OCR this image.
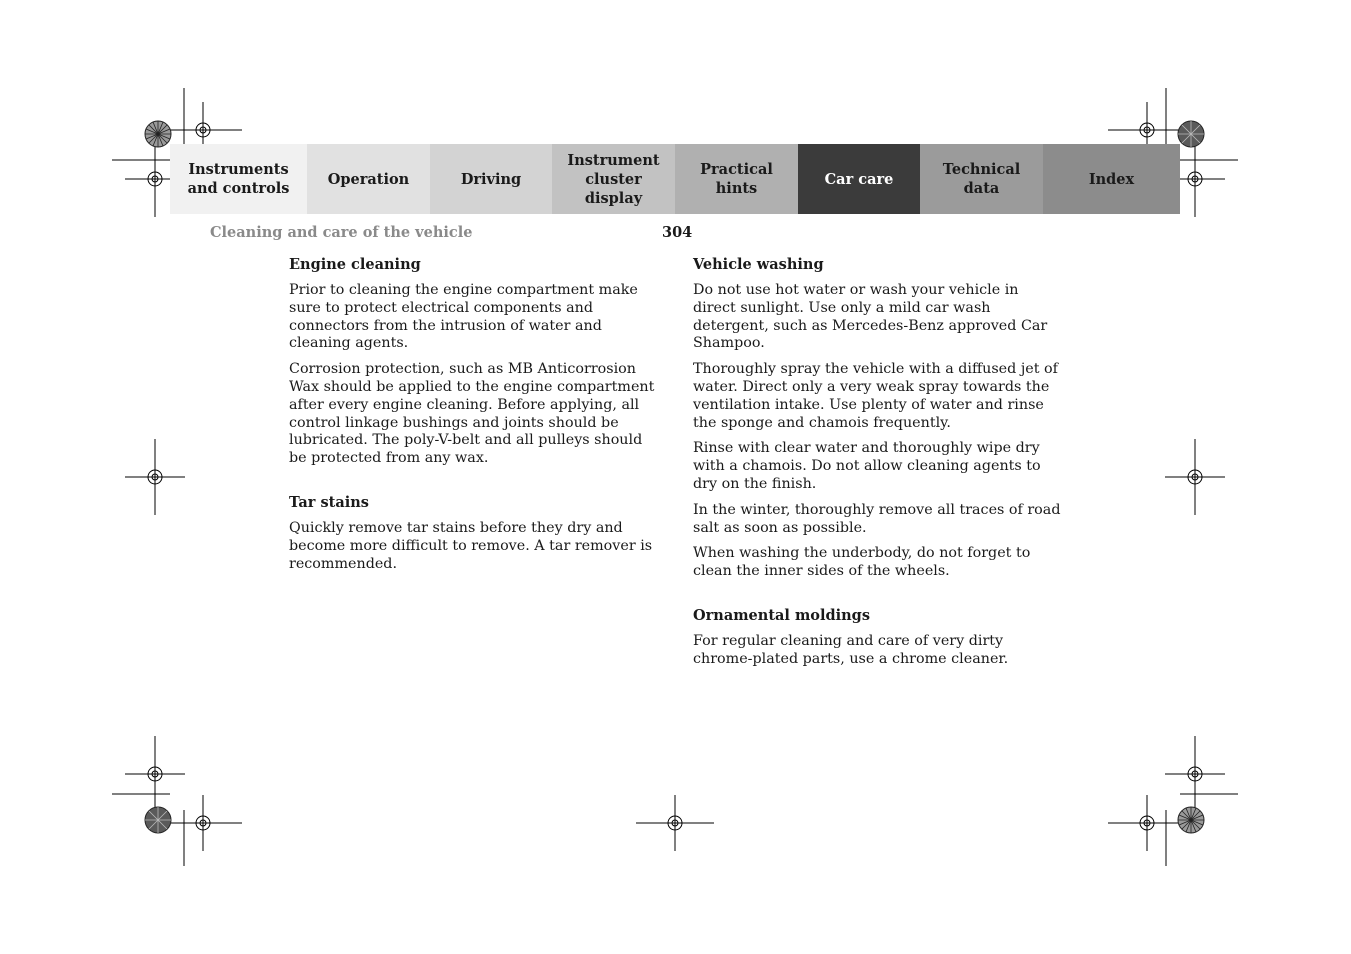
Instruments
and controls
Operation	Driving
Instrument
cluster display
Practical hints
Car care
Technical
data
Index
Cleaning and care of the vehicle	304
Engine cleaning

Prior to cleaning the engine compartment make sure to protect electrical components and connectors from the intrusion of water and cleaning agents.

Corrosion protection, such as MB Anticorrosion Wax should be applied to the engine compartment after every engine cleaning. Before applying, all control linkage bushings and joints should be lubricated. The poly-V-belt and all pulleys should be protected from any wax.

Tar stains

Quickly remove tar stains before they dry and become more difficult to remove. A tar remover is recommended.

Vehicle washing

Do not use hot water or wash your vehicle in direct sunlight. Use only a mild car wash detergent, such as Mercedes-Benz approved Car Shampoo.

Thoroughly spray the vehicle with a diffused jet of water. Direct only a very weak spray towards the ventilation intake. Use plenty of water and rinse the sponge and chamois frequently.

Rinse with clear water and thoroughly wipe dry with a chamois. Do not allow cleaning agents to dry on the finish.

In the winter, thoroughly remove all traces of road salt as soon as possible.

When washing the underbody, do not forget to clean the inner sides of the wheels.

Ornamental moldings

For regular cleaning and care of very dirty chrome-plated parts, use a chrome cleaner.
